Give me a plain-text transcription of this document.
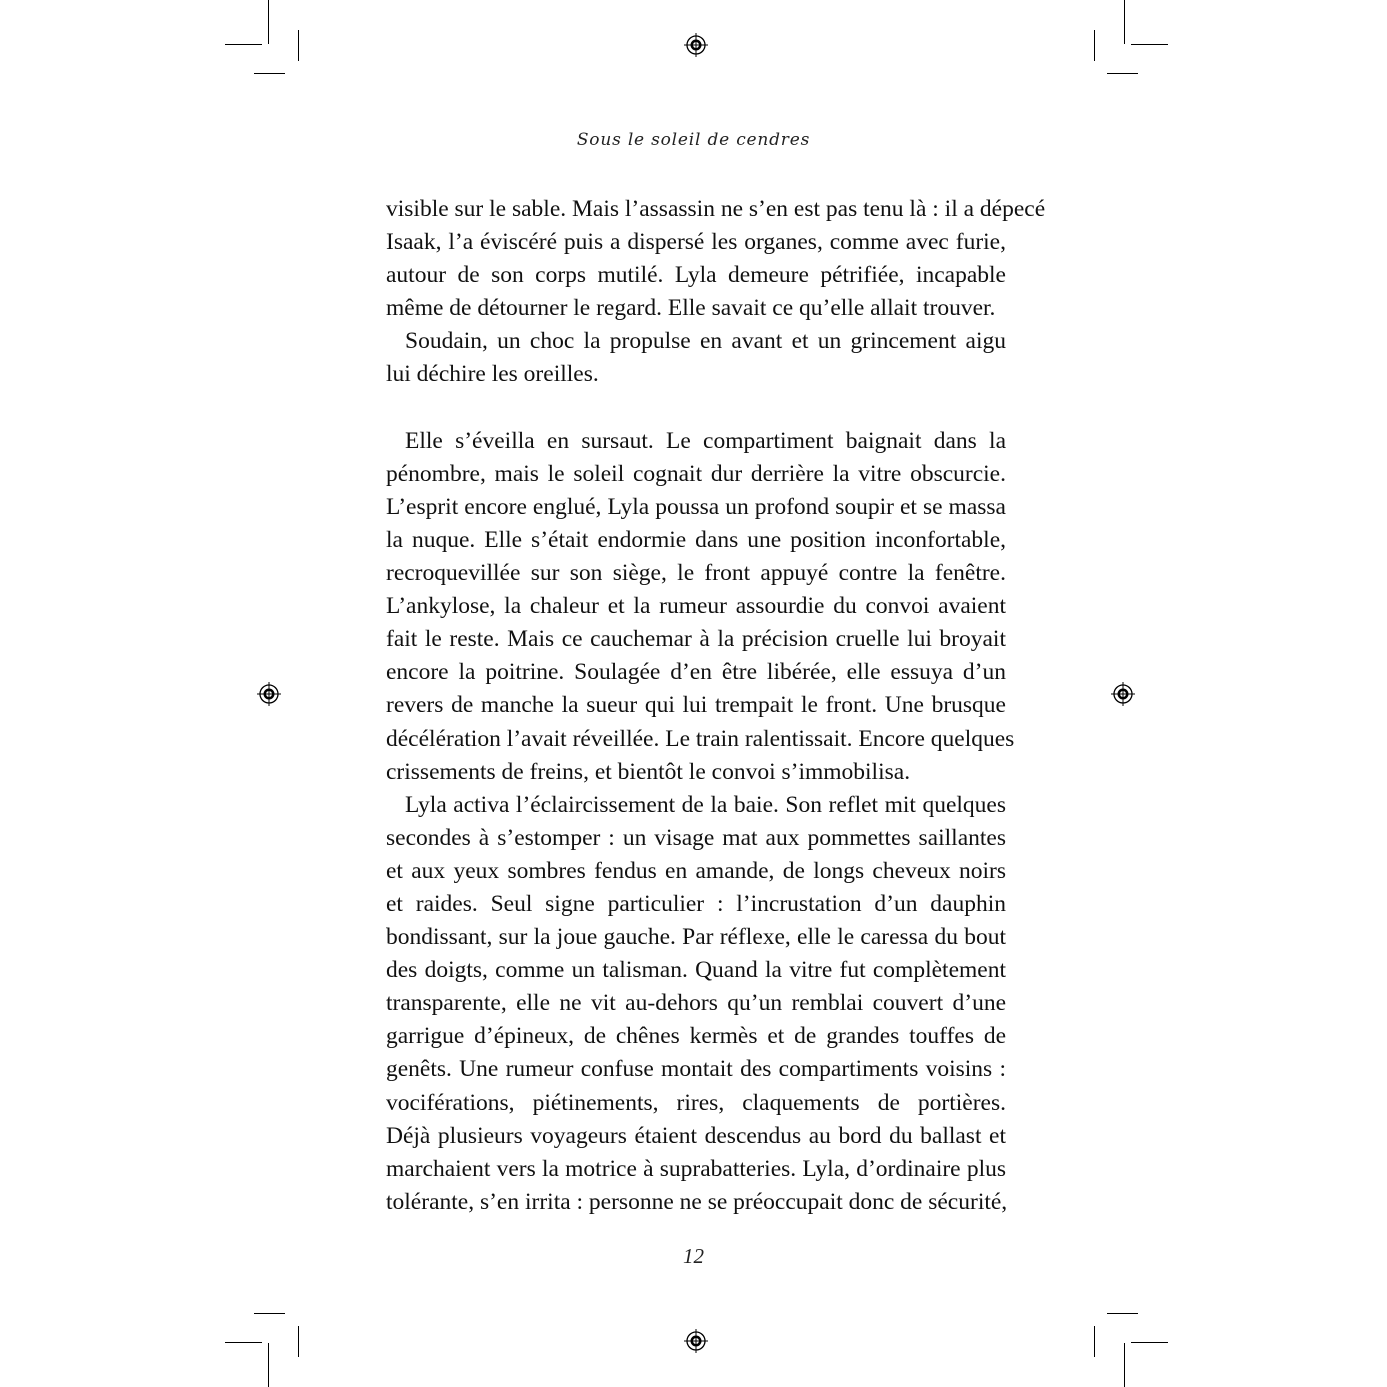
Sous le soleil de cendres
visible sur le sable. Mais l’assassin ne s’en est pas tenu là : il a dépecé
Isaak, l’a éviscéré puis a dispersé les organes, comme avec furie,
autour de son corps mutilé. Lyla demeure pétrifiée, incapable
même de détourner le regard. Elle savait ce qu’elle allait trouver.
Soudain, un choc la propulse en avant et un grincement aigu
lui déchire les oreilles.
Elle s’éveilla en sursaut. Le compartiment baignait dans la
pénombre, mais le soleil cognait dur derrière la vitre obscurcie.
L’esprit encore englué, Lyla poussa un profond soupir et se massa
la nuque. Elle s’était endormie dans une position inconfortable,
recroquevillée sur son siège, le front appuyé contre la fenêtre.
L’ankylose, la chaleur et la rumeur assourdie du convoi avaient
fait le reste. Mais ce cauchemar à la précision cruelle lui broyait
encore la poitrine. Soulagée d’en être libérée, elle essuya d’un
revers de manche la sueur qui lui trempait le front. Une brusque
décélération l’avait réveillée. Le train ralentissait. Encore quelques
crissements de freins, et bientôt le convoi s’immobilisa.
Lyla activa l’éclaircissement de la baie. Son reflet mit quelques
secondes à s’estomper : un visage mat aux pommettes saillantes
et aux yeux sombres fendus en amande, de longs cheveux noirs
et raides. Seul signe particulier : l’incrustation d’un dauphin
bondissant, sur la joue gauche. Par réflexe, elle le caressa du bout
des doigts, comme un talisman. Quand la vitre fut complètement
transparente, elle ne vit au-dehors qu’un remblai couvert d’une
garrigue d’épineux, de chênes kermès et de grandes touffes de
genêts. Une rumeur confuse montait des compartiments voisins :
vociférations, piétinements, rires, claquements de portières.
Déjà plusieurs voyageurs étaient descendus au bord du ballast et
marchaient vers la motrice à suprabatteries. Lyla, d’ordinaire plus
tolérante, s’en irrita : personne ne se préoccupait donc de sécurité,
12
